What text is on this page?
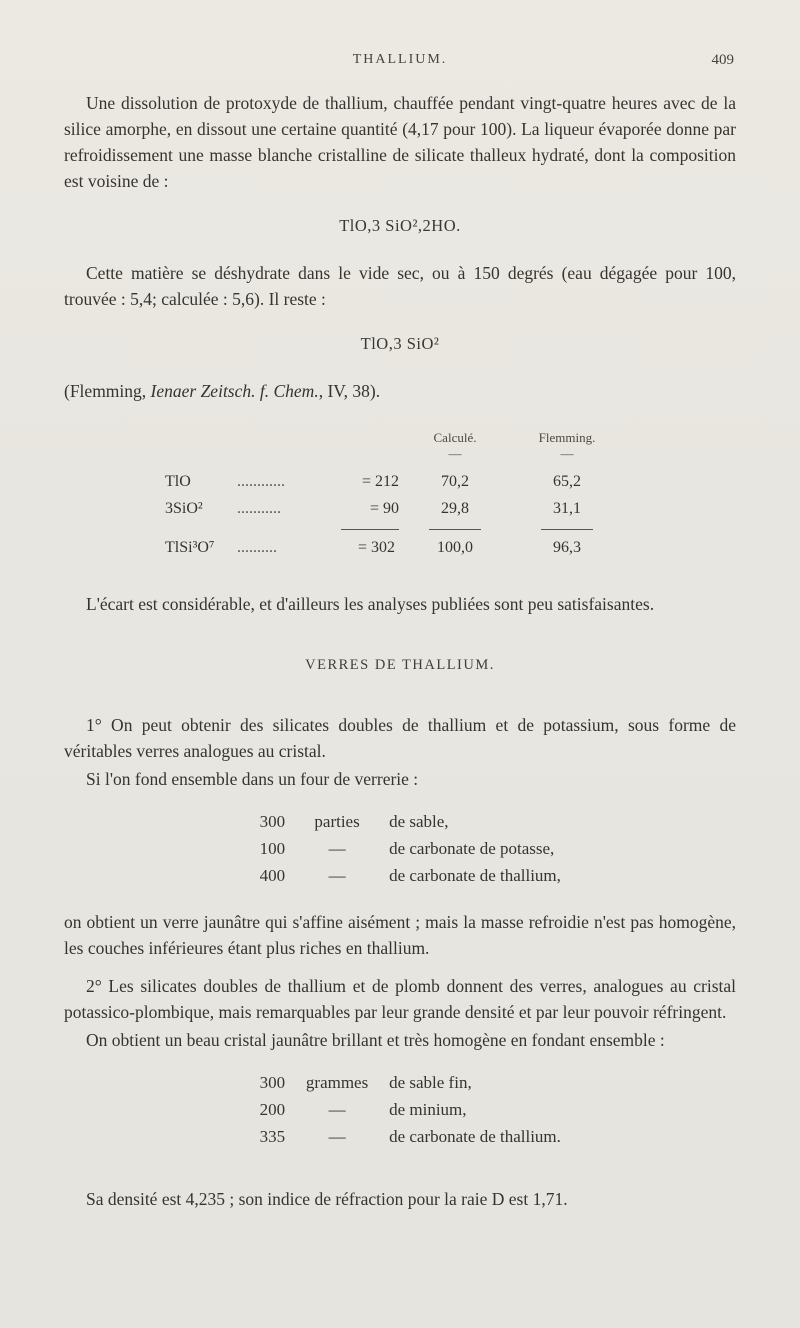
THALLIUM.	409

Une dissolution de protoxyde de thallium, chauffée pendant vingt-quatre heures avec de la silice amorphe, en dissout une certaine quantité (4,17 pour 100). La liqueur évaporée donne par refroidissement une masse blanche cristalline de silicate thalleux hydraté, dont la composition est voisine de :

TlO,3 SiO²,2HO.

Cette matière se déshydrate dans le vide sec, ou à 150 degrés (eau dégagée pour 100, trouvée : 5,4; calculée : 5,6). Il reste :

TlO,3 SiO²

(Flemming, Ienaer Zeitsch. f. Chem., IV, 38).

Calculé.
—
Flemming.
—
TlO	............	= 212	70,2	65,2
3SiO²	...........	= 90	29,8	31,1
TlSi³O⁷	..........	= 302	100,0	96,3

L'écart est considérable, et d'ailleurs les analyses publiées sont peu satisfaisantes.

VERRES DE THALLIUM.

1° On peut obtenir des silicates doubles de thallium et de potassium, sous forme de véritables verres analogues au cristal.

Si l'on fond ensemble dans un four de verrerie :

300	parties	de sable,
100	—	de carbonate de potasse,
400	—	de carbonate de thallium,

on obtient un verre jaunâtre qui s'affine aisément ; mais la masse refroidie n'est pas homogène, les couches inférieures étant plus riches en thallium.

2° Les silicates doubles de thallium et de plomb donnent des verres, analogues au cristal potassico-plombique, mais remarquables par leur grande densité et par leur pouvoir réfringent.

On obtient un beau cristal jaunâtre brillant et très homogène en fondant ensemble :

300	grammes	de sable fin,
200	—	de minium,
335	—	de carbonate de thallium.

Sa densité est 4,235 ; son indice de réfraction pour la raie D est 1,71.
